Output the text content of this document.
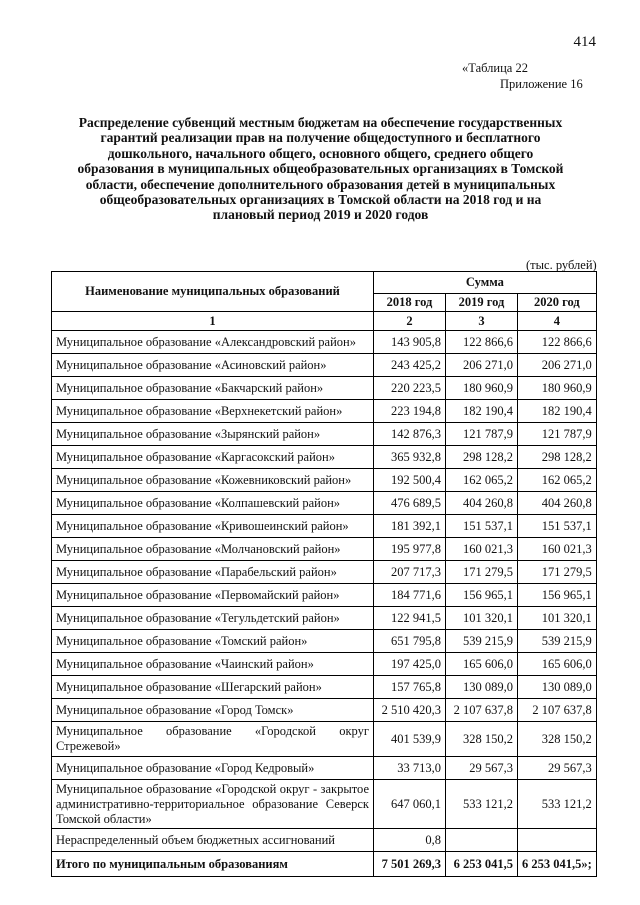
414
«Таблица 22
Приложение 16
Распределение субвенций местным бюджетам на обеспечение государственных гарантий реализации прав на получение общедоступного и бесплатного дошкольного, начального общего, основного общего, среднего общего образования в муниципальных общеобразовательных организациях в Томской области, обеспечение дополнительного образования детей в муниципальных общеобразовательных организациях в Томской области на 2018 год и на плановый период 2019 и 2020 годов
(тыс. рублей)
Наименование муниципальных образований	Сумма		
	2018 год	2019 год	2020 год
1	2	3	4
Муниципальное образование «Александровский район»	143 905,8	122 866,6	122 866,6
Муниципальное образование «Асиновский район»	243 425,2	206 271,0	206 271,0
Муниципальное образование «Бакчарский район»	220 223,5	180 960,9	180 960,9
Муниципальное образование «Верхнекетский район»	223 194,8	182 190,4	182 190,4
Муниципальное образование «Зырянский район»	142 876,3	121 787,9	121 787,9
Муниципальное образование «Каргасокский район»	365 932,8	298 128,2	298 128,2
Муниципальное образование «Кожевниковский район»	192 500,4	162 065,2	162 065,2
Муниципальное образование «Колпашевский район»	476 689,5	404 260,8	404 260,8
Муниципальное образование «Кривошеинский район»	181 392,1	151 537,1	151 537,1
Муниципальное образование «Молчановский район»	195 977,8	160 021,3	160 021,3
Муниципальное образование «Парабельский район»	207 717,3	171 279,5	171 279,5
Муниципальное образование «Первомайский район»	184 771,6	156 965,1	156 965,1
Муниципальное образование «Тегульдетский район»	122 941,5	101 320,1	101 320,1
Муниципальное образование «Томский район»	651 795,8	539 215,9	539 215,9
Муниципальное образование «Чаинский район»	197 425,0	165 606,0	165 606,0
Муниципальное образование «Шегарский район»	157 765,8	130 089,0	130 089,0
Муниципальное образование «Город Томск»	2 510 420,3	2 107 637,8	2 107 637,8
Муниципальное образование «Городской округ Стрежевой»	401 539,9	328 150,2	328 150,2
Муниципальное образование «Город Кедровый»	33 713,0	29 567,3	29 567,3
Муниципальное образование «Городской округ - закрытое административно-территориальное образование Северск Томской области»	647 060,1	533 121,2	533 121,2
Нераспределенный объем бюджетных ассигнований	0,8		
Итого по муниципальным образованиям	7 501 269,3	6 253 041,5	6 253 041,5»;
